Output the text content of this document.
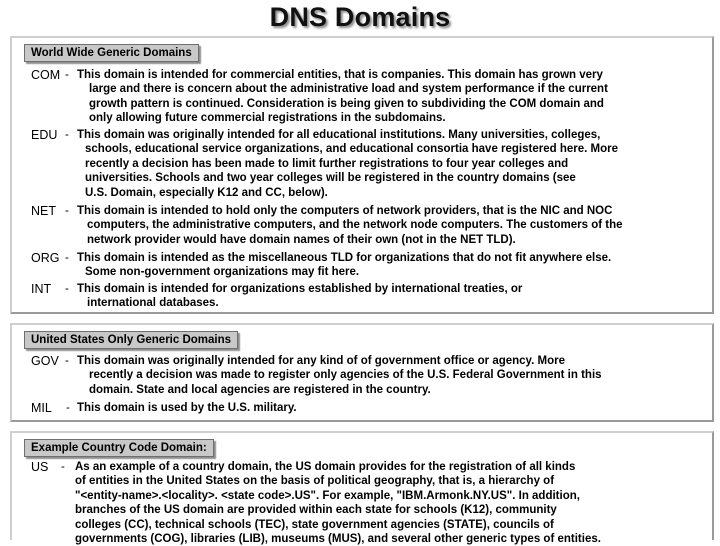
DNS Domains
World Wide Generic Domains
COM - This domain is intended for commercial entities, that is companies. This domain has grown very
large and there is concern about the administrative load and system performance if the current
growth pattern is continued. Consideration is being given to subdividing the COM domain and
only allowing future commercial registrations in the subdomains.
EDU - This domain was originally intended for all educational institutions. Many universities, colleges,
schools, educational service organizations, and educational consortia have registered here. More
recently a decision has been made to limit further registrations to four year colleges and
universities. Schools and two year colleges will be registered in the country domains (see
U.S. Domain, especially K12 and CC, below).
NET - This domain is intended to hold only the computers of network providers, that is the NIC and NOC
computers, the administrative computers, and the network node computers. The customers of the
network provider would have domain names of their own (not in the NET TLD).
ORG - This domain is intended as the miscellaneous TLD for organizations that do not fit anywhere else.
Some non-government organizations may fit here.
INT - This domain is intended for organizations established by international treaties, or
international databases.
United States Only Generic Domains
GOV - This domain was originally intended for any kind of of government office or agency. More
recently a decision was made to register only agencies of the U.S. Federal Government in this
domain. State and local agencies are registered in the country.
MIL - This domain is used by the U.S. military.
Example Country Code Domain:
US - As an example of a country domain, the US domain provides for the registration of all kinds
of entities in the United States on the basis of political geography, that is, a hierarchy of
"<entity-name>.<locality>. <state code>.US". For example, "IBM.Armonk.NY.US". In addition,
branches of the US domain are provided within each state for schools (K12), community
colleges (CC), technical schools (TEC), state government agencies (STATE), councils of
governments (COG), libraries (LIB), museums (MUS), and several other generic types of entities.
